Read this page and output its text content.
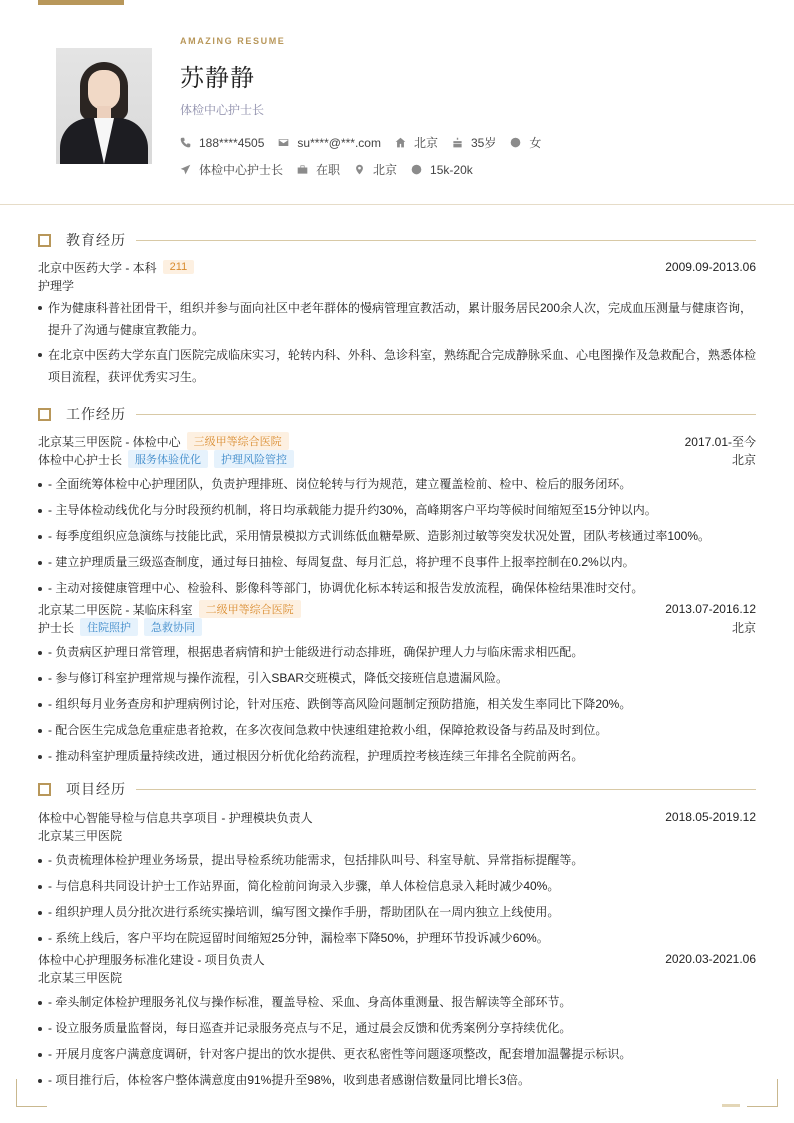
AMAZING RESUME
苏静静
体检中心护士长
188****4505	su****@***.com	北京	35岁	女
体检中心护士长	在职	北京	15k-20k
教育经历
北京中医药大学 - 本科	211	2009.09-2013.06
护理学
作为健康科普社团骨干，组织并参与面向社区中老年群体的慢病管理宣教活动，累计服务居民200余人次，完成血压测量与健康咨询，提升了沟通与健康宣教能力。
在北京中医药大学东直门医院完成临床实习，轮转内科、外科、急诊科室，熟练配合完成静脉采血、心电图操作及急救配合，熟悉体检项目流程，获评优秀实习生。
工作经历
北京某三甲医院 - 体检中心	三级甲等综合医院	2017.01-至今
体检中心护士长	服务体验优化	护理风险管控	北京
- 全面统筹体检中心护理团队，负责护理排班、岗位轮转与行为规范，建立覆盖检前、检中、检后的服务闭环。
- 主导体检动线优化与分时段预约机制，将日均承载能力提升约30%，高峰期客户平均等候时间缩短至15分钟以内。
- 每季度组织应急演练与技能比武，采用情景模拟方式训练低血糖晕厥、造影剂过敏等突发状况处置，团队考核通过率100%。
- 建立护理质量三级巡查制度，通过每日抽检、每周复盘、每月汇总，将护理不良事件上报率控制在0.2%以内。
- 主动对接健康管理中心、检验科、影像科等部门，协调优化标本转运和报告发放流程，确保体检结果准时交付。
北京某二甲医院 - 某临床科室	二级甲等综合医院	2013.07-2016.12
护士长	住院照护	急救协同	北京
- 负责病区护理日常管理，根据患者病情和护士能级进行动态排班，确保护理人力与临床需求相匹配。
- 参与修订科室护理常规与操作流程，引入SBAR交班模式，降低交接班信息遗漏风险。
- 组织每月业务查房和护理病例讨论，针对压疮、跌倒等高风险问题制定预防措施，相关发生率同比下降20%。
- 配合医生完成急危重症患者抢救，在多次夜间急救中快速组建抢救小组，保障抢救设备与药品及时到位。
- 推动科室护理质量持续改进，通过根因分析优化给药流程，护理质控考核连续三年排名全院前两名。
项目经历
体检中心智能导检与信息共享项目 - 护理模块负责人	2018.05-2019.12
北京某三甲医院
- 负责梳理体检护理业务场景，提出导检系统功能需求，包括排队叫号、科室导航、异常指标提醒等。
- 与信息科共同设计护士工作站界面，简化检前问询录入步骤，单人体检信息录入耗时减少40%。
- 组织护理人员分批次进行系统实操培训，编写图文操作手册，帮助团队在一周内独立上线使用。
- 系统上线后，客户平均在院逗留时间缩短25分钟，漏检率下降50%，护理环节投诉减少60%。
体检中心护理服务标准化建设 - 项目负责人	2020.03-2021.06
北京某三甲医院
- 牵头制定体检护理服务礼仪与操作标准，覆盖导检、采血、身高体重测量、报告解读等全部环节。
- 设立服务质量监督岗，每日巡查并记录服务亮点与不足，通过晨会反馈和优秀案例分享持续优化。
- 开展月度客户满意度调研，针对客户提出的饮水提供、更衣私密性等问题逐项整改，配套增加温馨提示标识。
- 项目推行后，体检客户整体满意度由91%提升至98%，收到患者感谢信数量同比增长3倍。
